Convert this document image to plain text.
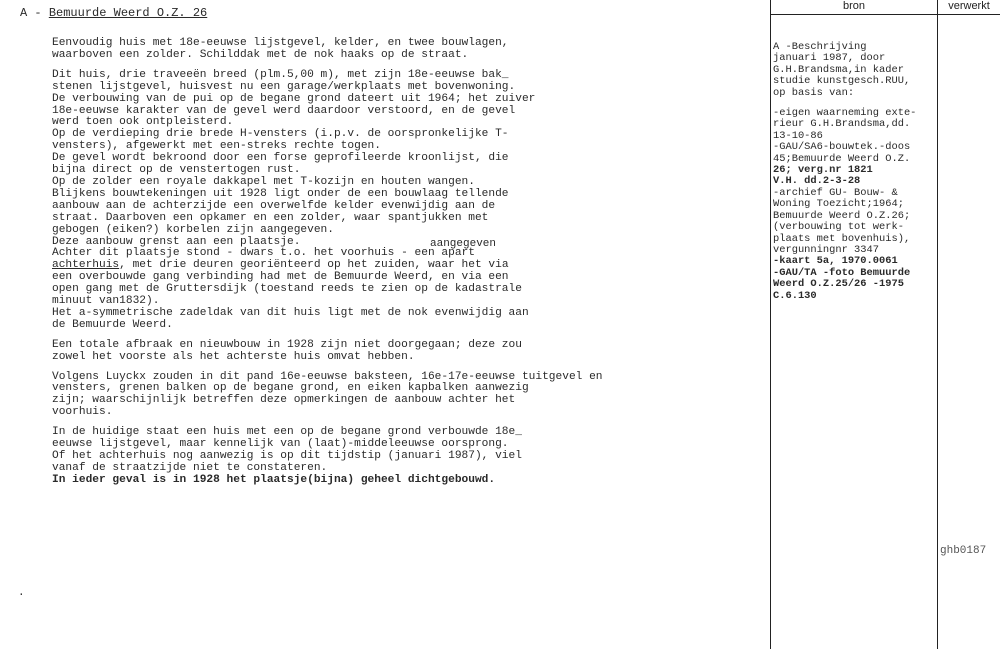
A - Bemuurde Weerd O.Z. 26
Eenvoudig huis met 18e-eeuwse lijstgevel, kelder, en twee bouwlagen,
waarboven een zolder. Schilddak met de nok haaks op de straat.
Dit huis, drie traveeën breed (plm.5,00 m), met zijn 18e-eeuwse bak_
stenen lijstgevel, huisvest nu een garage/werkplaats met bovenwoning.
De verbouwing van de pui op de begane grond dateert uit 1964; het zuiver
18e-eeuwse karakter van de gevel werd daardoor verstoord, en de gevel
werd toen ook ontpleisterd.
Op de verdieping drie brede H-vensters (i.p.v. de oorspronkelijke T-
vensters), afgewerkt met een-streks rechte togen.
De gevel wordt bekroond door een forse geprofileerde kroonlijst, die
bijna direct op de venstertogen rust.
Op de zolder een royale dakkapel met T-kozijn en houten wangen.
Blijkens bouwtekeningen uit 1928 ligt onder de een bouwlaag tellende
aanbouw aan de achterzijde een overwelfde kelder evenwijdig aan de
straat. Daarboven een opkamer en een zolder, waar spantjukken met
gebogen (eiken?) korbelen zijn aangegeven.
Deze aanbouw grenst aan een plaatsje.
Achter dit plaatsje stond - dwars t.o. het voorhuis - een apart
aangegeven
achterhuis, met drie deuren georiënteerd op het zuiden, waar het via
een overbouwde gang verbinding had met de Bemuurde Weerd, en via een
open gang met de Gruttersdijk (toestand reeds te zien op de kadastrale
minuut van1832).
Het a-symmetrische zadeldak van dit huis ligt met de nok evenwijdig aan
de Bemuurde Weerd.
Een totale afbraak en nieuwbouw in 1928 zijn niet doorgegaan; deze zou
zowel het voorste als het achterste huis omvat hebben.
Volgens Luyckx zouden in dit pand 16e-eeuwse baksteen, 16e-17e-eeuwse tuitgevel en
vensters, grenen balken op de begane grond, en eiken kapbalken aanwezig
zijn; waarschijnlijk betreffen deze opmerkingen de aanbouw achter het
voorhuis.
In de huidige staat een huis met een op de begane grond verbouwde 18e_
eeuwse lijstgevel, maar kennelijk van (laat)-middeleeuwse oorsprong.
Of het achterhuis nog aanwezig is op dit tijdstip (januari 1987), viel
vanaf de straatzijde niet te constateren.
In ieder geval is in 1928 het plaatsje(bijna) geheel dichtgebouwd.
.
bron	verwerkt
A -Beschrijving
januari 1987, door
G.H.Brandsma,in kader
studie kunstgesch.RUU,
op basis van:
-eigen waarneming exte-
rieur G.H.Brandsma,dd.
13-10-86
-GAU/SA6-bouwtek.-doos
45;Bemuurde Weerd O.Z.
26; verg.nr 1821
V.H. dd.2-3-28
-archief GU- Bouw- &
Woning Toezicht;1964;
Bemuurde Weerd O.Z.26;
(verbouwing tot werk-
plaats met bovenhuis),
vergunningnr 3347
-kaart 5a, 1970.0061
-GAU/TA -foto Bemuurde
Weerd O.Z.25/26 -1975
C.6.130
ghb0187
